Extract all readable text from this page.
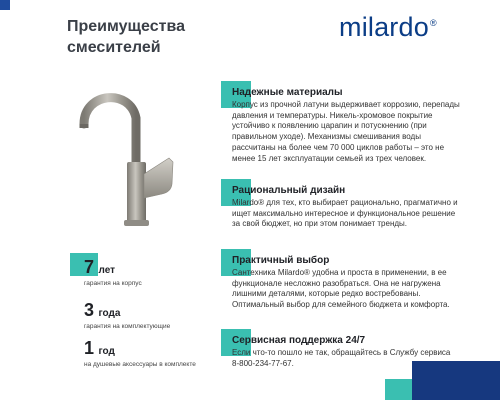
Преимущества
смесителей
milardo®
7 лет
гарантия на корпус
3 года
гарантия на комплектующие
1 год
на душевые аксессуары в комплекте
Надежные материалы
Корпус из прочной латуни выдерживает коррозию, перепады давления и температуры. Никель-хромовое покрытие устойчиво к появлению царапин и потускнению (при правильном уходе). Механизмы смешивания воды рассчитаны на более чем 70 000 циклов работы – это не менее 15 лет эксплуатации семьей из трех человек.
Рациональный дизайн
Milardo® для тех, кто выбирает рационально, прагматично и ищет максимально интересное и функциональное решение за свой бюджет, но при этом понимает тренды.
Практичный выбор
Сантехника Milardo® удобна и проста в применении, в ее функционале несложно разобраться. Она не нагружена лишними деталями, которые редко востребованы. Оптимальный выбор для семейного бюджета и комфорта.
Сервисная поддержка 24/7
Если что-то пошло не так, обращайтесь в Службу сервиса
8-800-234-77-67.
